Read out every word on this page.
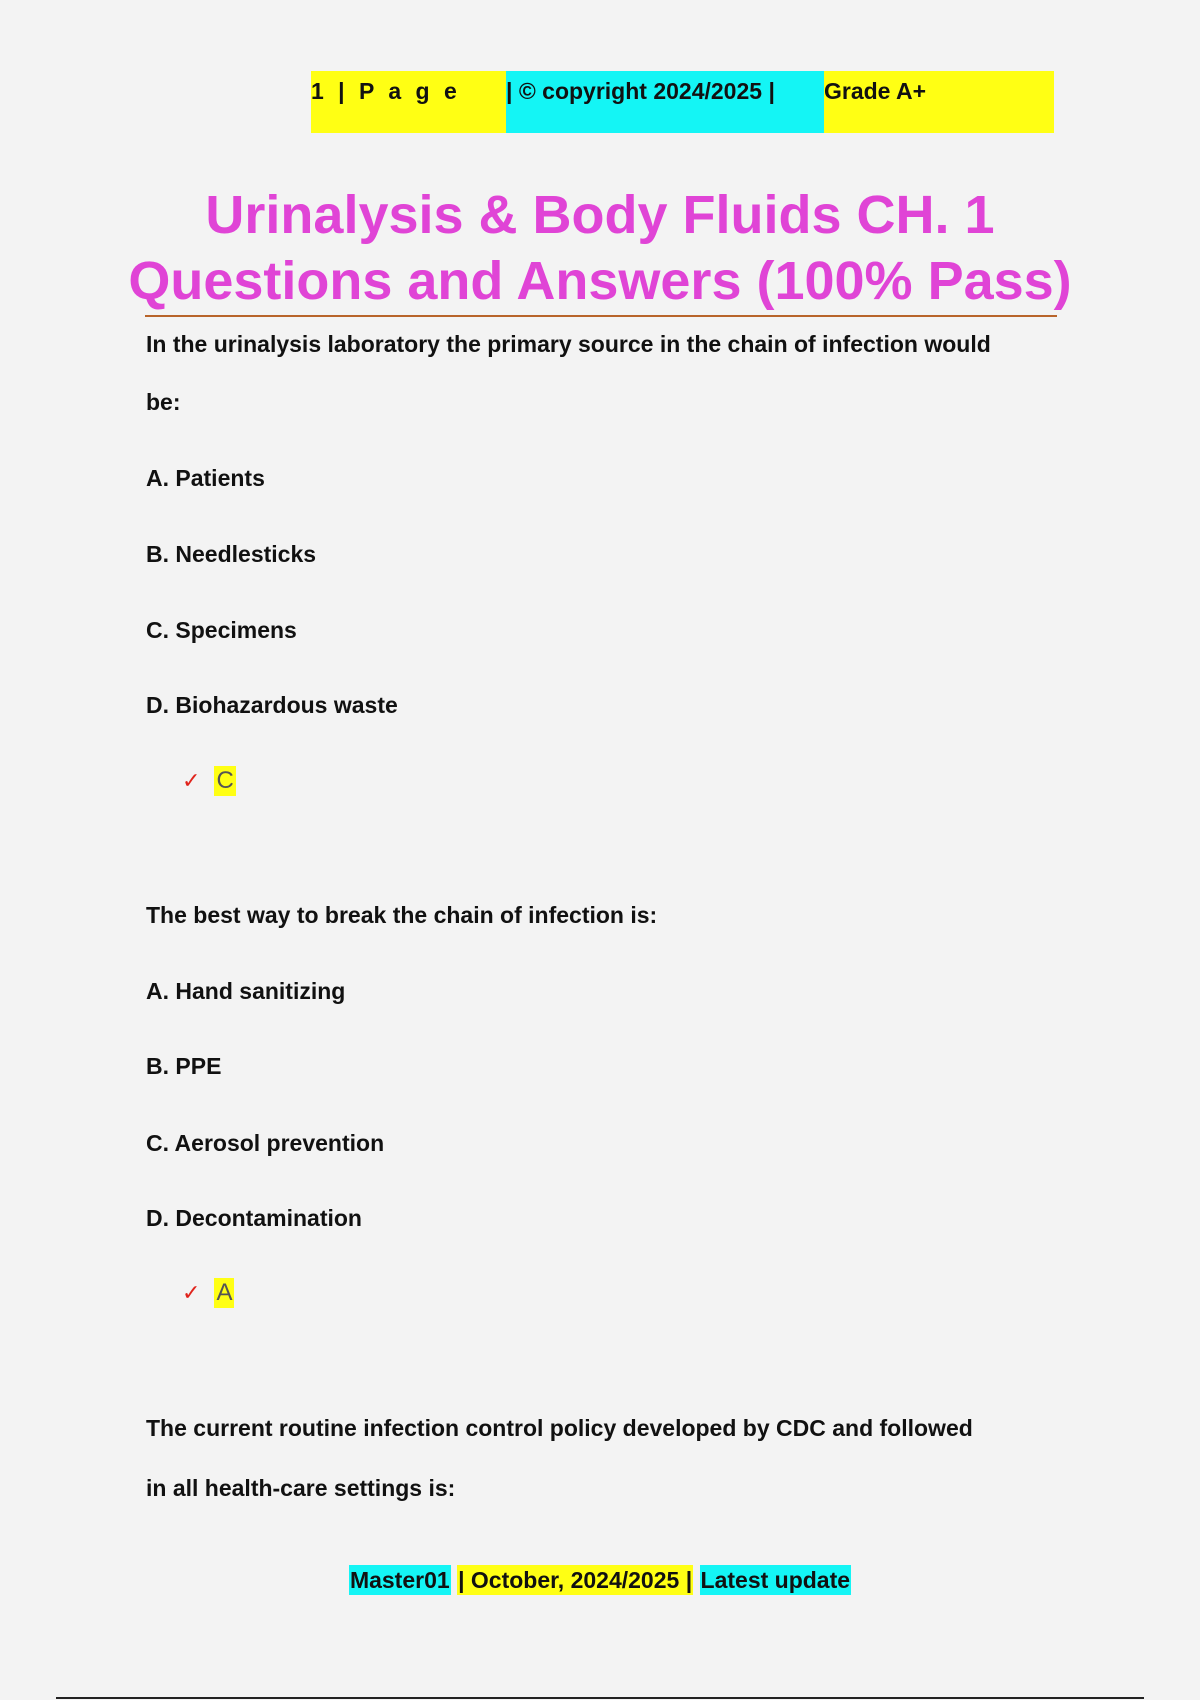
1 | P a g e | © copyright 2024/2025 |	Grade A+
Urinalysis & Body Fluids CH. 1
Questions and Answers (100% Pass)
In the urinalysis laboratory the primary source in the chain of infection would
be:
A. Patients
B. Needlesticks
C. Specimens
D. Biohazardous waste
✓ C
The best way to break the chain of infection is:
A. Hand sanitizing
B. PPE
C. Aerosol prevention
D. Decontamination
✓ A
The current routine infection control policy developed by CDC and followed
in all health-care settings is:
Master01 | October, 2024/2025 | Latest update
